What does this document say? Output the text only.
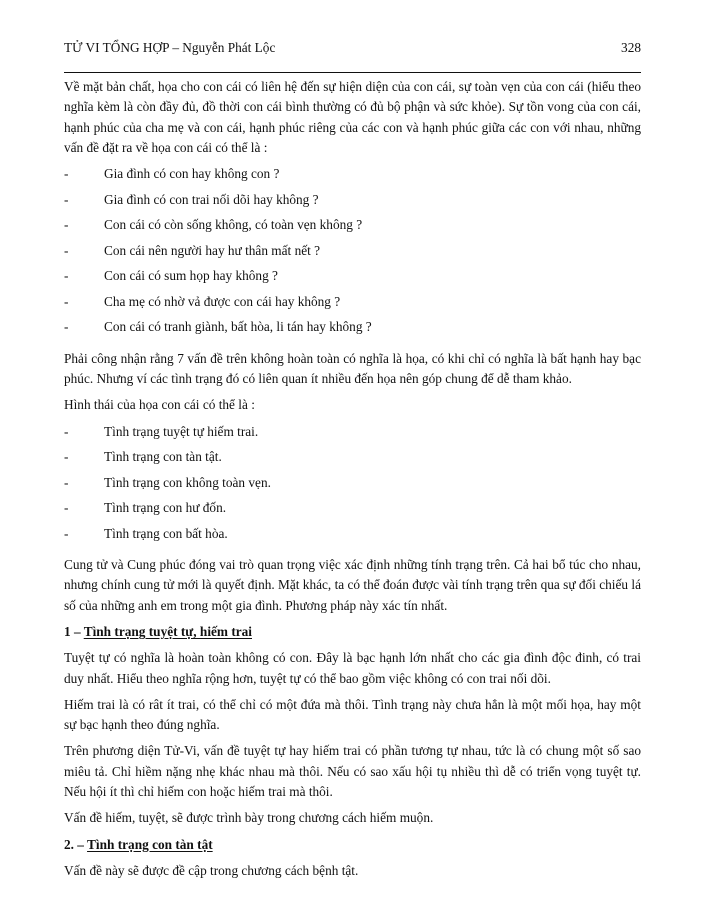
TỬ VI TỔNG HỢP – Nguyễn Phát Lộc	328

Về mặt bản chất, họa cho con cái có liên hệ đến sự hiện diện của con cái, sự toàn vẹn của con cái (hiểu theo nghĩa kèm là còn đầy đủ, đồ thời con cái bình thường có đủ bộ phận và sức khỏe). Sự tồn vong của con cái, hạnh phúc của cha mẹ và con cái, hạnh phúc riêng của các con và hạnh phúc giữa các con với nhau, những vấn đề đặt ra về họa con cái có thể là :

-	Gia đình có con hay không con ?
-	Gia đình có con trai nối dõi hay không ?
-	Con cái có còn sống không, có toàn vẹn không ?
-	Con cái nên người hay hư thân mất nết ?
-	Con cái có sum họp hay không ?
-	Cha mẹ có nhờ vả được con cái hay không ?
-	Con cái có tranh giành, bất hòa, li tán hay không ?

Phải công nhận rằng 7 vấn đề trên không hoàn toàn có nghĩa là họa, có khi chỉ có nghĩa là bất hạnh hay bạc phúc. Nhưng ví các tình trạng đó có liên quan ít nhiều đến họa nên góp chung để dễ tham khảo.

Hình thái của họa con cái có thể là :

-	Tình trạng tuyệt tự hiếm trai.
-	Tình trạng con tàn tật.
-	Tình trạng con không toàn vẹn.
-	Tình trạng con hư đốn.
-	Tình trạng con bất hòa.

Cung tử và Cung phúc đóng vai trò quan trọng việc xác định những tính trạng trên. Cả hai bổ túc cho nhau, nhưng chính cung tử mới là quyết định. Mặt khác, ta có thể đoán được vài tính trạng trên qua sự đối chiếu lá số của những anh em trong một gia đình. Phương pháp này xác tín nhất.

1 – Tình trạng tuyệt tự, hiếm trai

Tuyệt tự có nghĩa là hoàn toàn không có con. Đây là bạc hạnh lớn nhất cho các gia đình độc đinh, có trai duy nhất. Hiểu theo nghĩa rộng hơn, tuyệt tự có thể bao gồm việc không có con trai nối dõi.

Hiếm trai là có rât ít trai, có thể chỉ có một đứa mà thôi. Tình trạng này chưa hẳn là một mối họa, hay một sự bạc hạnh theo đúng nghĩa.

Trên phương diện Tử-Vi, vấn đề tuyệt tự hay hiếm trai có phần tương tự nhau, tức là có chung một số sao miêu tả. Chỉ hiềm nặng nhẹ khác nhau mà thôi. Nếu có sao xấu hội tụ nhiều thì dễ có triển vọng tuyệt tự. Nếu hội ít thì chỉ hiếm con hoặc hiếm trai mà thôi.

Vấn đề hiếm, tuyệt, sẽ được trình bày trong chương cách hiếm muộn.

2. – Tình trạng con tàn tật

Vấn đề này sẽ được đề cập trong chương cách bệnh tật.
